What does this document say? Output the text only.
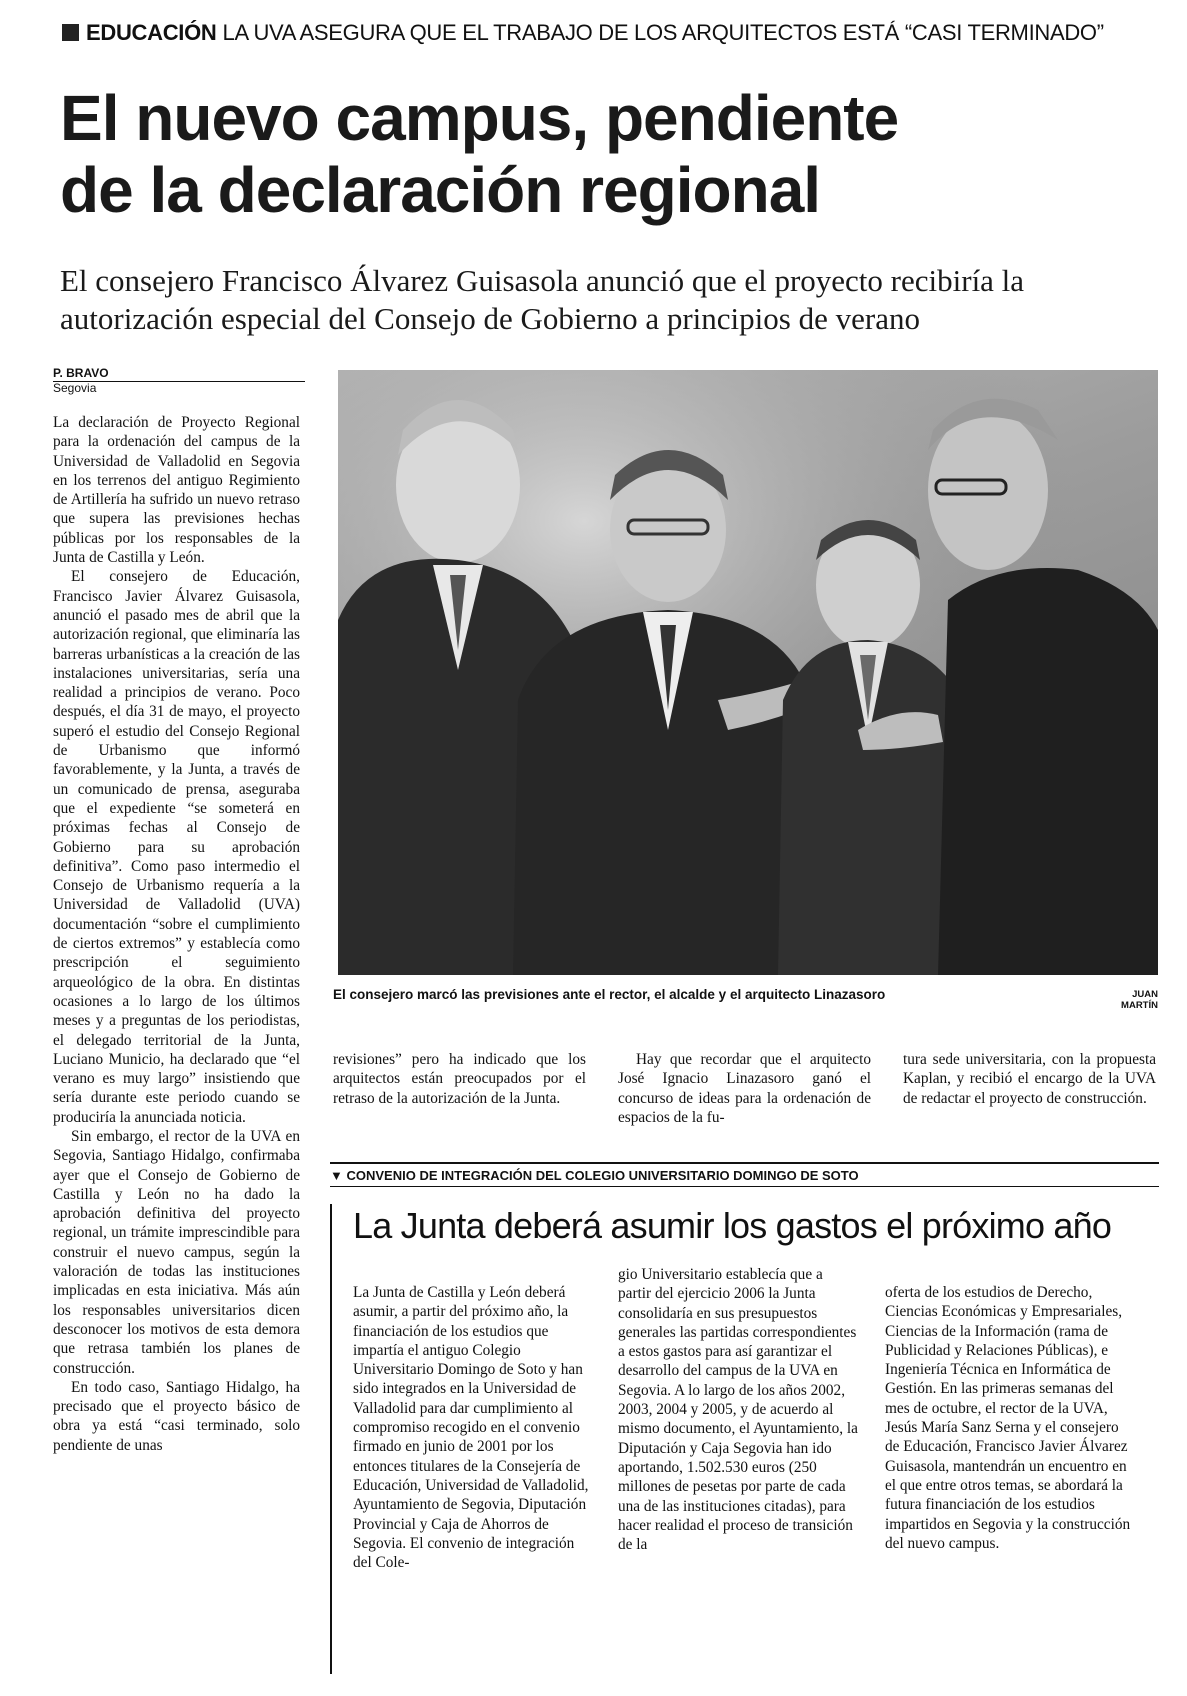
EDUCACIÓN LA UVA ASEGURA QUE EL TRABAJO DE LOS ARQUITECTOS ESTÁ “CASI TERMINADO”
El nuevo campus, pendiente
de la declaración regional
El consejero Francisco Álvarez Guisasola anunció que el proyecto recibiría la
autorización especial del Consejo de Gobierno a principios de verano
P. BRAVO
Segovia

La declaración de Proyecto Regional para la ordenación del campus de la Universidad de Valladolid en Segovia en los terrenos del antiguo Regimiento de Artillería ha sufrido un nuevo retraso que supera las previsiones hechas públicas por los responsables de la Junta de Castilla y León.

El consejero de Educación, Francisco Javier Álvarez Guisasola, anunció el pasado mes de abril que la autorización regional, que eliminaría las barreras urbanísticas a la creación de las instalaciones universitarias, sería una realidad a principios de verano. Poco después, el día 31 de mayo, el proyecto superó el estudio del Consejo Regional de Urbanismo que informó favorablemente, y la Junta, a través de un comunicado de prensa, aseguraba que el expediente “se someterá en próximas fechas al Consejo de Gobierno para su aprobación definitiva”. Como paso intermedio el Consejo de Urbanismo requería a la Universidad de Valladolid (UVA) documentación “sobre el cumplimiento de ciertos extremos” y establecía como prescripción el seguimiento arqueológico de la obra. En distintas ocasiones a lo largo de los últimos meses y a preguntas de los periodistas, el delegado territorial de la Junta, Luciano Municio, ha declarado que “el verano es muy largo” insistiendo que sería durante este periodo cuando se produciría la anunciada noticia.

Sin embargo, el rector de la UVA en Segovia, Santiago Hidalgo, confirmaba ayer que el Consejo de Gobierno de Castilla y León no ha dado la aprobación definitiva del proyecto regional, un trámite imprescindible para construir el nuevo campus, según la valoración de todas las instituciones implicadas en esta iniciativa. Más aún los responsables universitarios dicen desconocer los motivos de esta demora que retrasa también los planes de construcción.

En todo caso, Santiago Hidalgo, ha precisado que el proyecto básico de obra ya está “casi terminado, solo pendiente de unas

El consejero marcó las previsiones ante el rector, el alcalde y el arquitecto Linazasoro	JUAN MARTÍN

revisiones” pero ha indicado que los arquitectos están preocupados por el retraso de la autorización de la Junta.

Hay que recordar que el arquitecto José Ignacio Linazasoro ganó el concurso de ideas para la ordenación de espacios de la fu-

tura sede universitaria, con la propuesta Kaplan, y recibió el encargo de la UVA de redactar el proyecto de construcción.

▼ CONVENIO DE INTEGRACIÓN DEL COLEGIO UNIVERSITARIO DOMINGO DE SOTO
La Junta deberá asumir los gastos el próximo año

La Junta de Castilla y León deberá asumir, a partir del próximo año, la financiación de los estudios que impartía el antiguo Colegio Universitario Domingo de Soto y han sido integrados en la Universidad de Valladolid para dar cumplimiento al compromiso recogido en el convenio firmado en junio de 2001 por los entonces titulares de la Consejería de Educación, Universidad de Valladolid, Ayuntamiento de Segovia, Diputación Provincial y Caja de Ahorros de Segovia. El convenio de integración del Cole-

gio Universitario establecía que a partir del ejercicio 2006 la Junta consolidaría en sus presupuestos generales las partidas correspondientes a estos gastos para así garantizar el desarrollo del campus de la UVA en Segovia. A lo largo de los años 2002, 2003, 2004 y 2005, y de acuerdo al mismo documento, el Ayuntamiento, la Diputación y Caja Segovia han ido aportando, 1.502.530 euros (250 millones de pesetas por parte de cada una de las instituciones citadas), para hacer realidad el proceso de transición de la

oferta de los estudios de Derecho, Ciencias Económicas y Empresariales, Ciencias de la Información (rama de Publicidad y Relaciones Públicas), e Ingeniería Técnica en Informática de Gestión. En las primeras semanas del mes de octubre, el rector de la UVA, Jesús María Sanz Serna y el consejero de Educación, Francisco Javier Álvarez Guisasola, mantendrán un encuentro en el que entre otros temas, se abordará la futura financiación de los estudios impartidos en Segovia y la construcción del nuevo campus.
